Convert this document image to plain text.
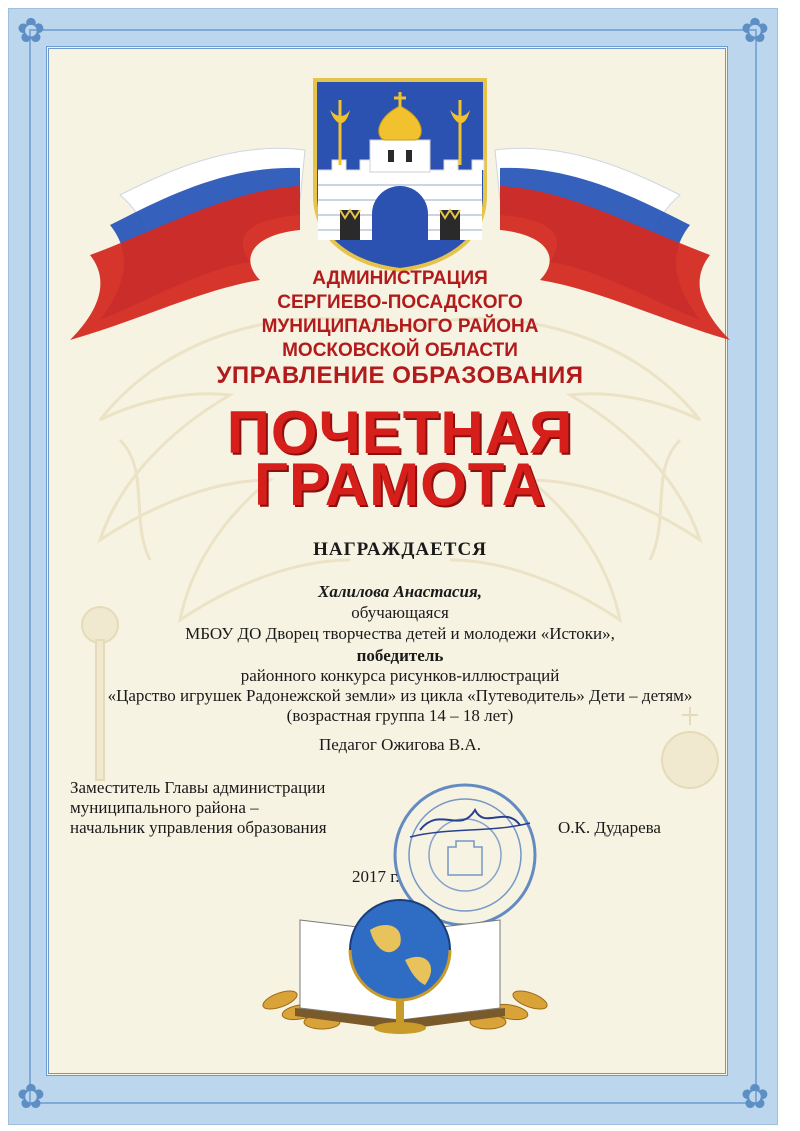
✿	✿
✿	✿
АДМИНИСТРАЦИЯ
СЕРГИЕВО-ПОСАДСКОГО
МУНИЦИПАЛЬНОГО РАЙОНА
МОСКОВСКОЙ ОБЛАСТИ
УПРАВЛЕНИЕ ОБРАЗОВАНИЯ
ПОЧЕТНАЯ
ГРАМОТА
НАГРАЖДАЕТСЯ
Халилова Анастасия,
обучающаяся
МБОУ ДО Дворец творчества детей и молодежи «Истоки»,
победитель
районного конкурса рисунков-иллюстраций
«Царство игрушек Радонежской земли» из цикла «Путеводитель» Дети – детям»
(возрастная группа 14 – 18 лет)
Педагог Ожигова В.А.
Заместитель Главы администрации
муниципального района –
начальник управления образования	О.К. Дударева
2017 г.
